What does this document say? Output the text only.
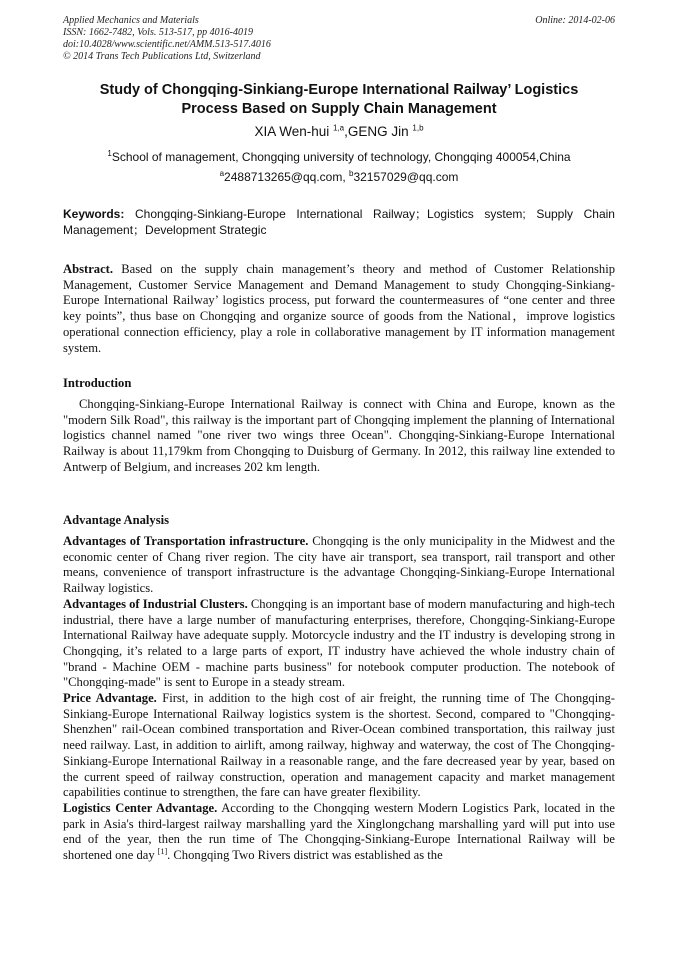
Applied Mechanics and Materials
ISSN: 1662-7482, Vols. 513-517, pp 4016-4019
doi:10.4028/www.scientific.net/AMM.513-517.4016
© 2014 Trans Tech Publications Ltd, Switzerland
Online: 2014-02-06
Study of Chongqing-Sinkiang-Europe International Railway’ Logistics
Process Based on Supply Chain Management
XIA Wen-hui $^{1,a}$,GENG Jin $^{1,b}$
$^1$School of management, Chongqing university of technology, Chongqing 400054,China
$^a$2488713265@qq.com, $^b$32157029@qq.com
Keywords: Chongqing-Sinkiang-Europe International Railway；Logistics system; Supply Chain Management；Development Strategic
Abstract. Based on the supply chain management’s theory and method of Customer Relationship Management, Customer Service Management and Demand Management to study Chongqing-Sinkiang-Europe International Railway’ logistics process, put forward the countermeasures of “one center and three key points”, thus base on Chongqing and organize source of goods from the National，improve logistics operational connection efficiency, play a role in collaborative management by IT information management system.
Introduction
Chongqing-Sinkiang-Europe International Railway is connect with China and Europe, known as the "modern Silk Road", this railway is the important part of Chongqing implement the planning of International logistics channel named "one river two wings three Ocean". Chongqing-Sinkiang-Europe International Railway is about 11,179km from Chongqing to Duisburg of Germany. In 2012, this railway line extended to Antwerp of Belgium, and increases 202 km length.
Advantage Analysis

Advantages of Transportation infrastructure. Chongqing is the only municipality in the Midwest and the economic center of Chang river region. The city have air transport, sea transport, rail transport and other means, convenience of transport infrastructure is the advantage Chongqing-Sinkiang-Europe International Railway logistics.

Advantages of Industrial Clusters. Chongqing is an important base of modern manufacturing and high-tech industrial, there have a large number of manufacturing enterprises, therefore, Chongqing-Sinkiang-Europe International Railway have adequate supply. Motorcycle industry and the IT industry is developing strong in Chongqing, it’s related to a large parts of export, IT industry have achieved the whole industry chain of "brand - Machine OEM - machine parts business" for notebook computer production. The notebook of "Chongqing-made" is sent to Europe in a steady stream.

Price Advantage. First, in addition to the high cost of air freight, the running time of The Chongqing-Sinkiang-Europe International Railway logistics system is the shortest. Second, compared to "Chongqing-Shenzhen" rail-Ocean combined transportation and River-Ocean combined transportation, this railway just need railway. Last, in addition to airlift, among railway, highway and waterway, the cost of The Chongqing-Sinkiang-Europe International Railway in a reasonable range, and the fare decreased year by year, based on the current speed of railway construction, operation and management capacity and market management capabilities continue to strengthen, the fare can have greater flexibility.

Logistics Center Advantage. According to the Chongqing western Modern Logistics Park, located in the park in Asia's third-largest railway marshalling yard the Xinglongchang marshalling yard will put into use end of the year, then the run time of The Chongqing-Sinkiang-Europe International Railway will be shortened one day [1]. Chongqing Two Rivers district was established as the
